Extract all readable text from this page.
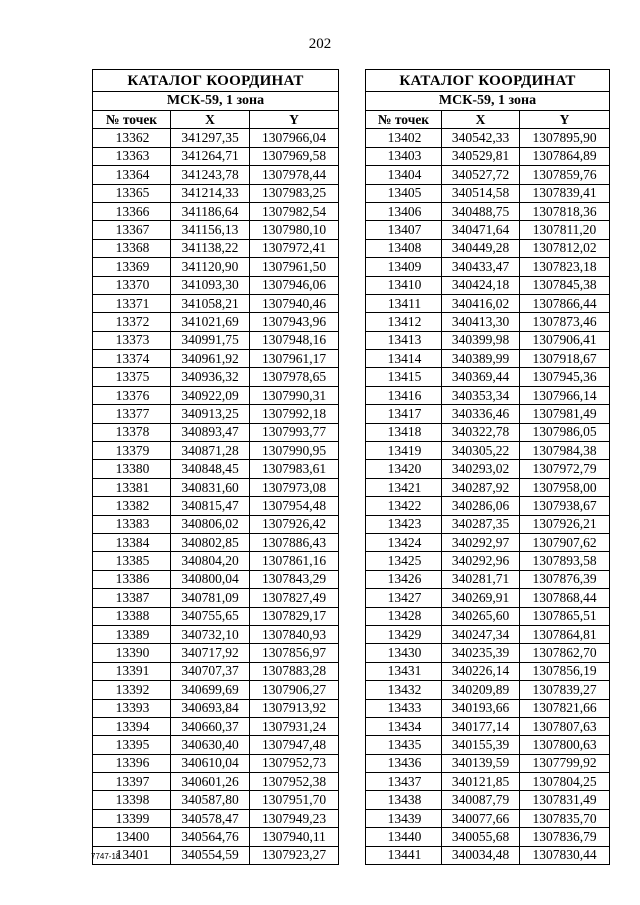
202
КАТАЛОГ КООРДИНАТ		
МСК-59, 1 зона		
№ точек	X	Y
13362	341297,35	1307966,04
13363	341264,71	1307969,58
13364	341243,78	1307978,44
13365	341214,33	1307983,25
13366	341186,64	1307982,54
13367	341156,13	1307980,10
13368	341138,22	1307972,41
13369	341120,90	1307961,50
13370	341093,30	1307946,06
13371	341058,21	1307940,46
13372	341021,69	1307943,96
13373	340991,75	1307948,16
13374	340961,92	1307961,17
13375	340936,32	1307978,65
13376	340922,09	1307990,31
13377	340913,25	1307992,18
13378	340893,47	1307993,77
13379	340871,28	1307990,95
13380	340848,45	1307983,61
13381	340831,60	1307973,08
13382	340815,47	1307954,48
13383	340806,02	1307926,42
13384	340802,85	1307886,43
13385	340804,20	1307861,16
13386	340800,04	1307843,29
13387	340781,09	1307827,49
13388	340755,65	1307829,17
13389	340732,10	1307840,93
13390	340717,92	1307856,97
13391	340707,37	1307883,28
13392	340699,69	1307906,27
13393	340693,84	1307913,92
13394	340660,37	1307931,24
13395	340630,40	1307947,48
13396	340610,04	1307952,73
13397	340601,26	1307952,38
13398	340587,80	1307951,70
13399	340578,47	1307949,23
13400	340564,76	1307940,11
13401	340554,59	1307923,27
КАТАЛОГ КООРДИНАТ		
МСК-59, 1 зона		
№ точек	X	Y
13402	340542,33	1307895,90
13403	340529,81	1307864,89
13404	340527,72	1307859,76
13405	340514,58	1307839,41
13406	340488,75	1307818,36
13407	340471,64	1307811,20
13408	340449,28	1307812,02
13409	340433,47	1307823,18
13410	340424,18	1307845,38
13411	340416,02	1307866,44
13412	340413,30	1307873,46
13413	340399,98	1307906,41
13414	340389,99	1307918,67
13415	340369,44	1307945,36
13416	340353,34	1307966,14
13417	340336,46	1307981,49
13418	340322,78	1307986,05
13419	340305,22	1307984,38
13420	340293,02	1307972,79
13421	340287,92	1307958,00
13422	340286,06	1307938,67
13423	340287,35	1307926,21
13424	340292,97	1307907,62
13425	340292,96	1307893,58
13426	340281,71	1307876,39
13427	340269,91	1307868,44
13428	340265,60	1307865,51
13429	340247,34	1307864,81
13430	340235,39	1307862,70
13431	340226,14	1307856,19
13432	340209,89	1307839,27
13433	340193,66	1307821,66
13434	340177,14	1307807,63
13435	340155,39	1307800,63
13436	340139,59	1307799,92
13437	340121,85	1307804,25
13438	340087,79	1307831,49
13439	340077,66	1307835,70
13440	340055,68	1307836,79
13441	340034,48	1307830,44
7747-18
